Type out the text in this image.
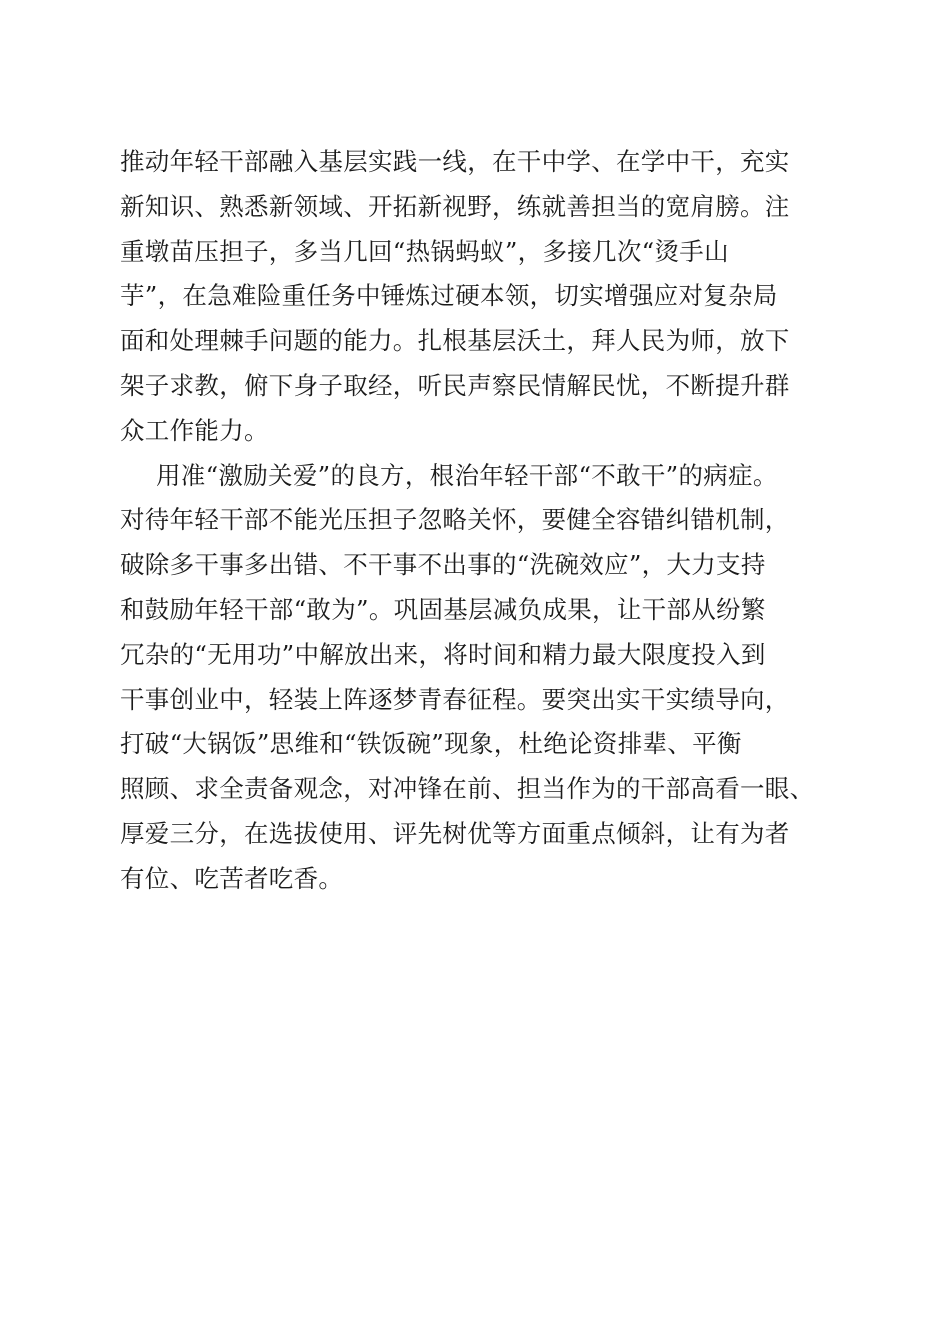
推动年轻干部融入基层实践一线，在干中学、在学中干，充实
新知识、熟悉新领域、开拓新视野，练就善担当的宽肩膀。注
重墩苗压担子，多当几回“热锅蚂蚁”，多接几次“烫手山
芋”，在急难险重任务中锤炼过硬本领，切实增强应对复杂局
面和处理棘手问题的能力。扎根基层沃土，拜人民为师，放下
架子求教，俯下身子取经，听民声察民情解民忧，不断提升群
众工作能力。
用准“激励关爱”的良方，根治年轻干部“不敢干”的病症。
对待年轻干部不能光压担子忽略关怀，要健全容错纠错机制，
破除多干事多出错、不干事不出事的“洗碗效应”，大力支持
和鼓励年轻干部“敢为”。巩固基层减负成果，让干部从纷繁
冗杂的“无用功”中解放出来，将时间和精力最大限度投入到
干事创业中，轻装上阵逐梦青春征程。要突出实干实绩导向，
打破“大锅饭”思维和“铁饭碗”现象，杜绝论资排辈、平衡
照顾、求全责备观念，对冲锋在前、担当作为的干部高看一眼、
厚爱三分，在选拔使用、评先树优等方面重点倾斜，让有为者
有位、吃苦者吃香。
